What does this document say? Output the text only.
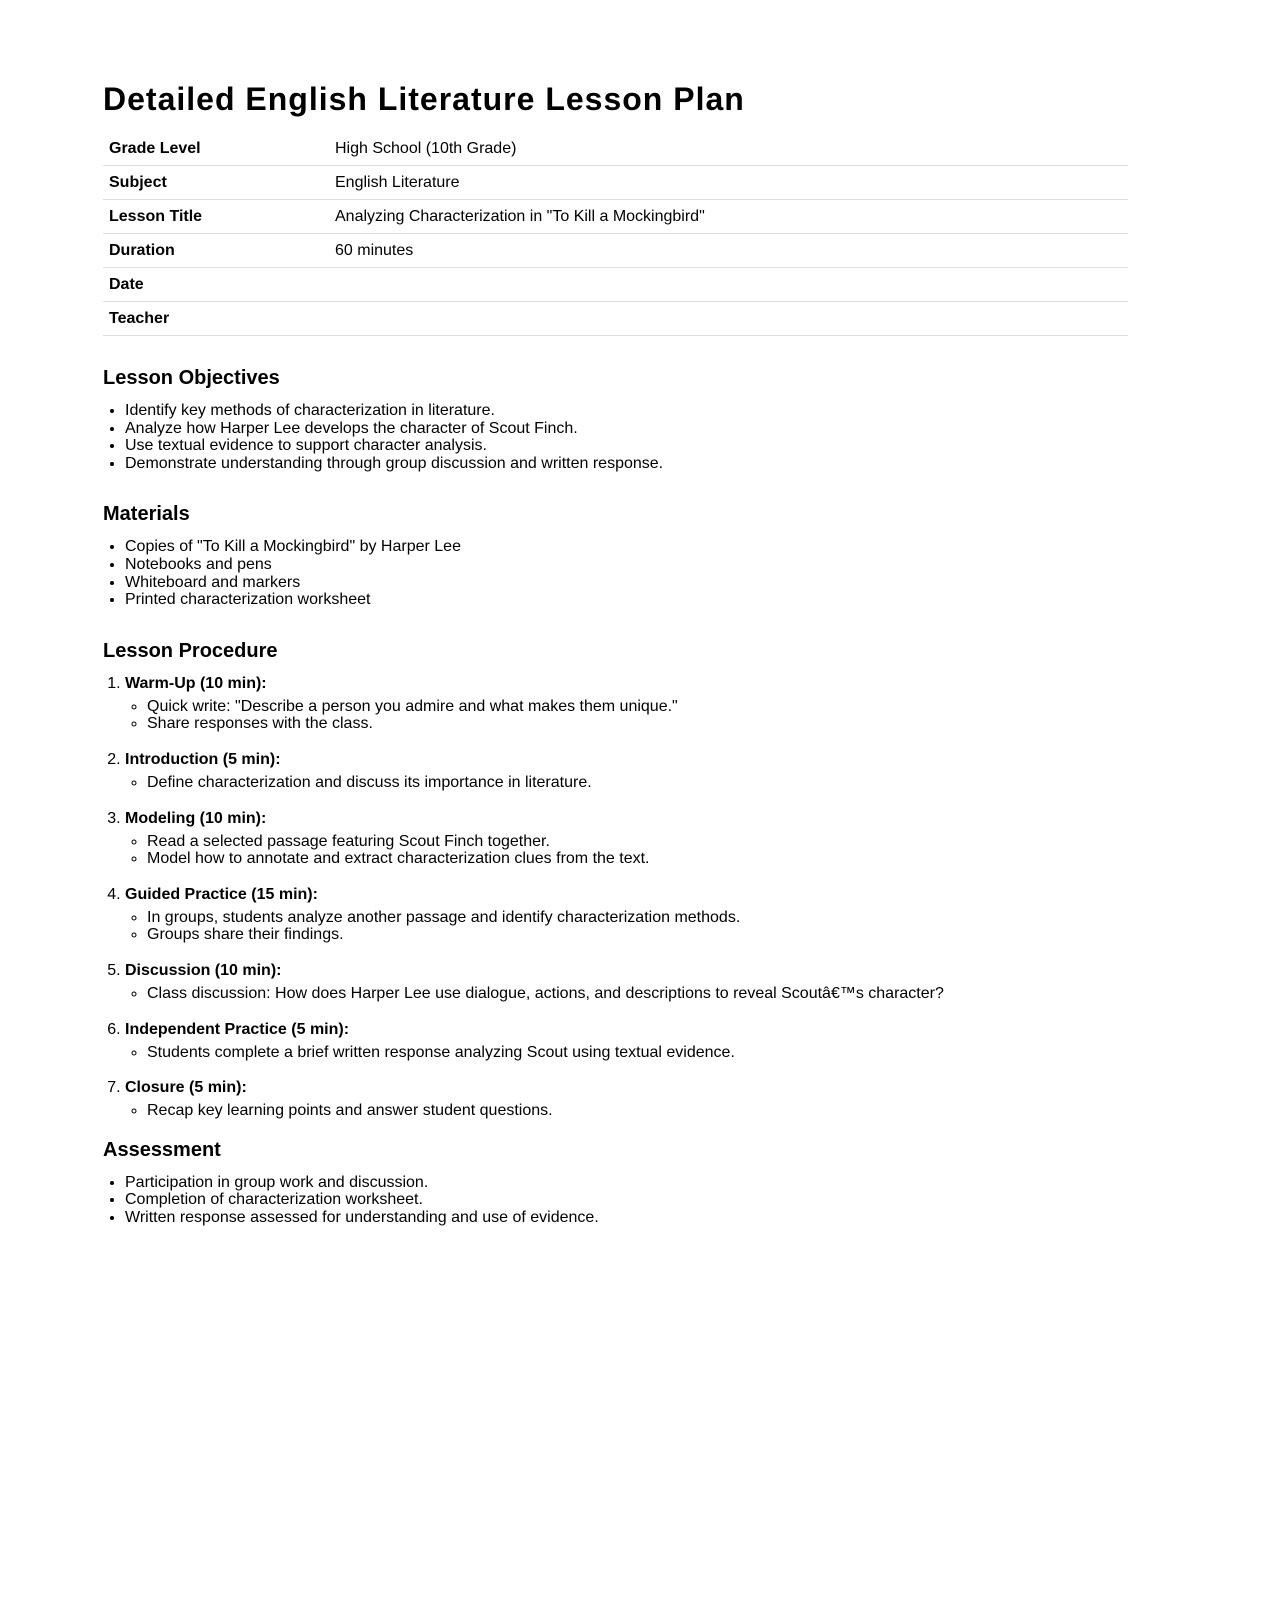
Detailed English Literature Lesson Plan
Grade Level	High School (10th Grade)
Subject	English Literature
Lesson Title	Analyzing Characterization in "To Kill a Mockingbird"
Duration	60 minutes
Date	
Teacher	
Lesson Objectives
• Identify key methods of characterization in literature.
• Analyze how Harper Lee develops the character of Scout Finch.
• Use textual evidence to support character analysis.
• Demonstrate understanding through group discussion and written response.
Materials
• Copies of "To Kill a Mockingbird" by Harper Lee
• Notebooks and pens
• Whiteboard and markers
• Printed characterization worksheet
Lesson Procedure
1. Warm-Up (10 min):
◦ Quick write: "Describe a person you admire and what makes them unique."
◦ Share responses with the class.
2. Introduction (5 min):
◦ Define characterization and discuss its importance in literature.
3. Modeling (10 min):
◦ Read a selected passage featuring Scout Finch together.
◦ Model how to annotate and extract characterization clues from the text.
4. Guided Practice (15 min):
◦ In groups, students analyze another passage and identify characterization methods.
◦ Groups share their findings.
5. Discussion (10 min):
◦ Class discussion: How does Harper Lee use dialogue, actions, and descriptions to reveal Scoutâ€™s character?
6. Independent Practice (5 min):
◦ Students complete a brief written response analyzing Scout using textual evidence.
7. Closure (5 min):
◦ Recap key learning points and answer student questions.
Assessment
• Participation in group work and discussion.
• Completion of characterization worksheet.
• Written response assessed for understanding and use of evidence.
